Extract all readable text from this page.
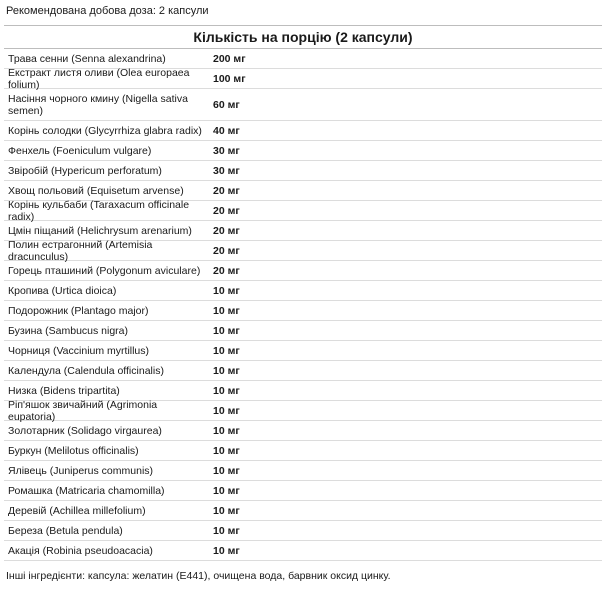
Рекомендована добова доза: 2 капсули
Кількість на порцію (2 капсули)
Трава сенни (Senna alexandrina)	200 мг
Екстракт листя оливи (Olea europaea folium)	100 мг
Насіння чорного кмину (Nigella sativa semen)	60 мг
Корінь солодки (Glycyrrhiza glabra radix)	40 мг
Фенхель (Foeniculum vulgare)	30 мг
Звіробій (Hypericum perforatum)	30 мг
Хвощ польовий (Equisetum arvense)	20 мг
Корінь кульбаби (Taraxacum officinale radix)	20 мг
Цмін піщаний (Helichrysum arenarium)	20 мг
Полин естрагонний (Artemisia dracunculus)	20 мг
Горець пташиний (Polygonum aviculare)	20 мг
Кропива (Urtica dioica)	10 мг
Подорожник (Plantago major)	10 мг
Бузина (Sambucus nigra)	10 мг
Чорниця (Vaccinium myrtillus)	10 мг
Календула (Calendula officinalis)	10 мг
Низка (Bidens tripartita)	10 мг
Ріп'яшок звичайний (Agrimonia eupatoria)	10 мг
Золотарник (Solidago virgaurea)	10 мг
Буркун (Melilotus officinalis)	10 мг
Ялівець (Juniperus communis)	10 мг
Ромашка (Matricaria chamomilla)	10 мг
Деревій (Achillea millefolium)	10 мг
Береза (Betula pendula)	10 мг
Акація (Robinia pseudoacacia)	10 мг
Інші інгредієнти: капсула: желатин (E441), очищена вода, барвник оксид цинку.
